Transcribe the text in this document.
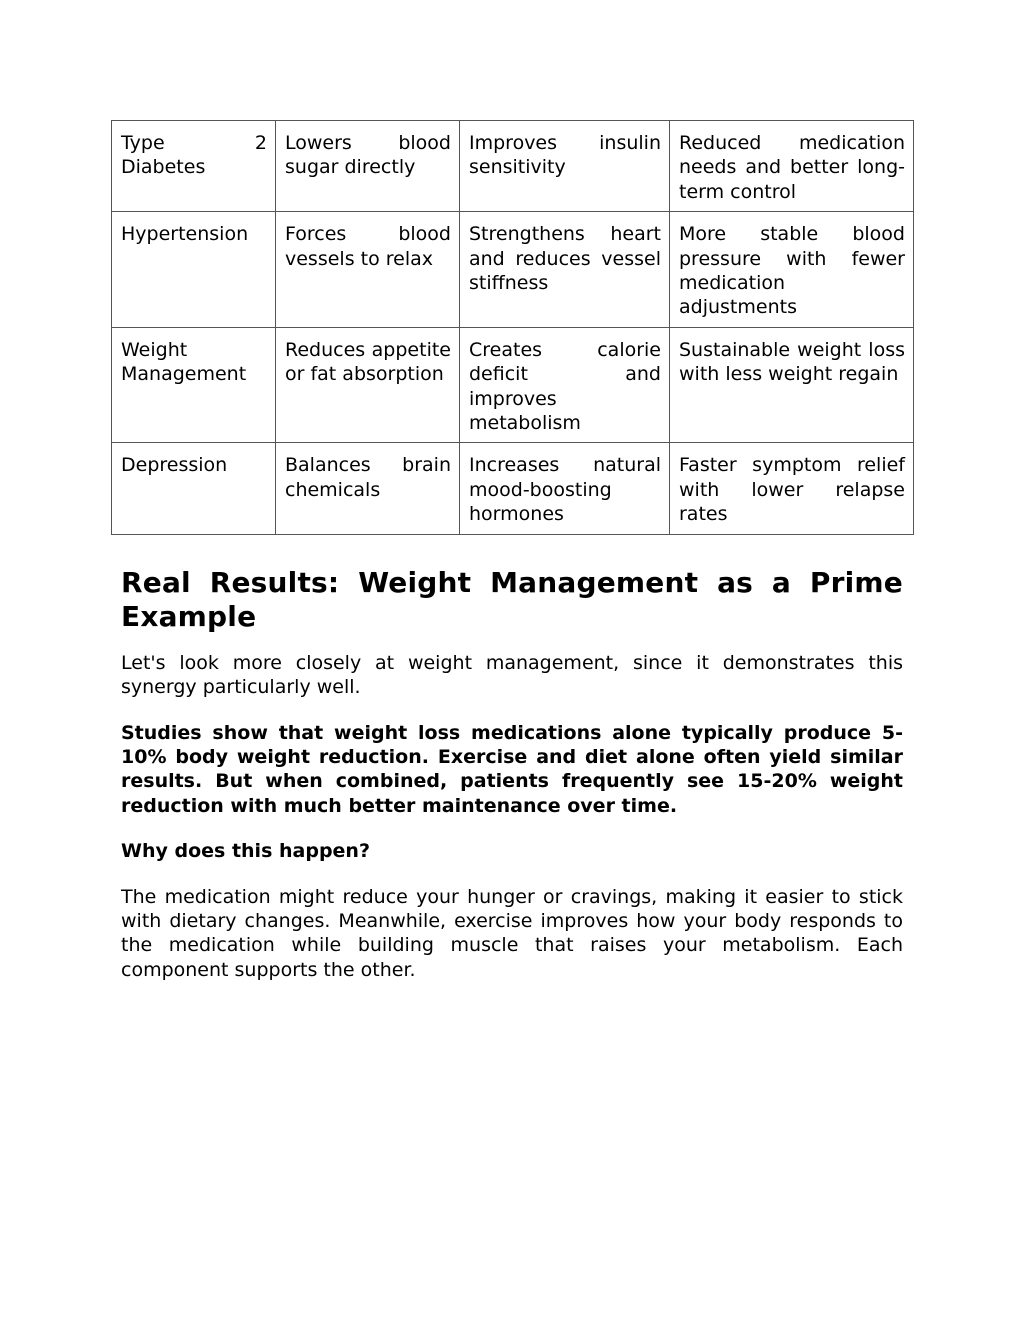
Type 2 Diabetes	Lowers blood sugar directly	Improves insulin sensitivity	Reduced medication needs and better long-term control
Hypertension	Forces blood vessels to relax	Strengthens heart and reduces vessel stiffness	More stable blood pressure with fewer medication adjustments
Weight Management	Reduces appetite or fat absorption	Creates calorie deficit and improves metabolism	Sustainable weight loss with less weight regain
Depression	Balances brain chemicals	Increases natural mood-boosting hormones	Faster symptom relief with lower relapse rates
Real Results: Weight Management as a Prime Example

Let's look more closely at weight management, since it demonstrates this synergy particularly well.

Studies show that weight loss medications alone typically produce 5-10% body weight reduction. Exercise and diet alone often yield similar results. But when combined, patients frequently see 15-20% weight reduction with much better maintenance over time.

Why does this happen?

The medication might reduce your hunger or cravings, making it easier to stick with dietary changes. Meanwhile, exercise improves how your body responds to the medication while building muscle that raises your metabolism. Each component supports the other.
